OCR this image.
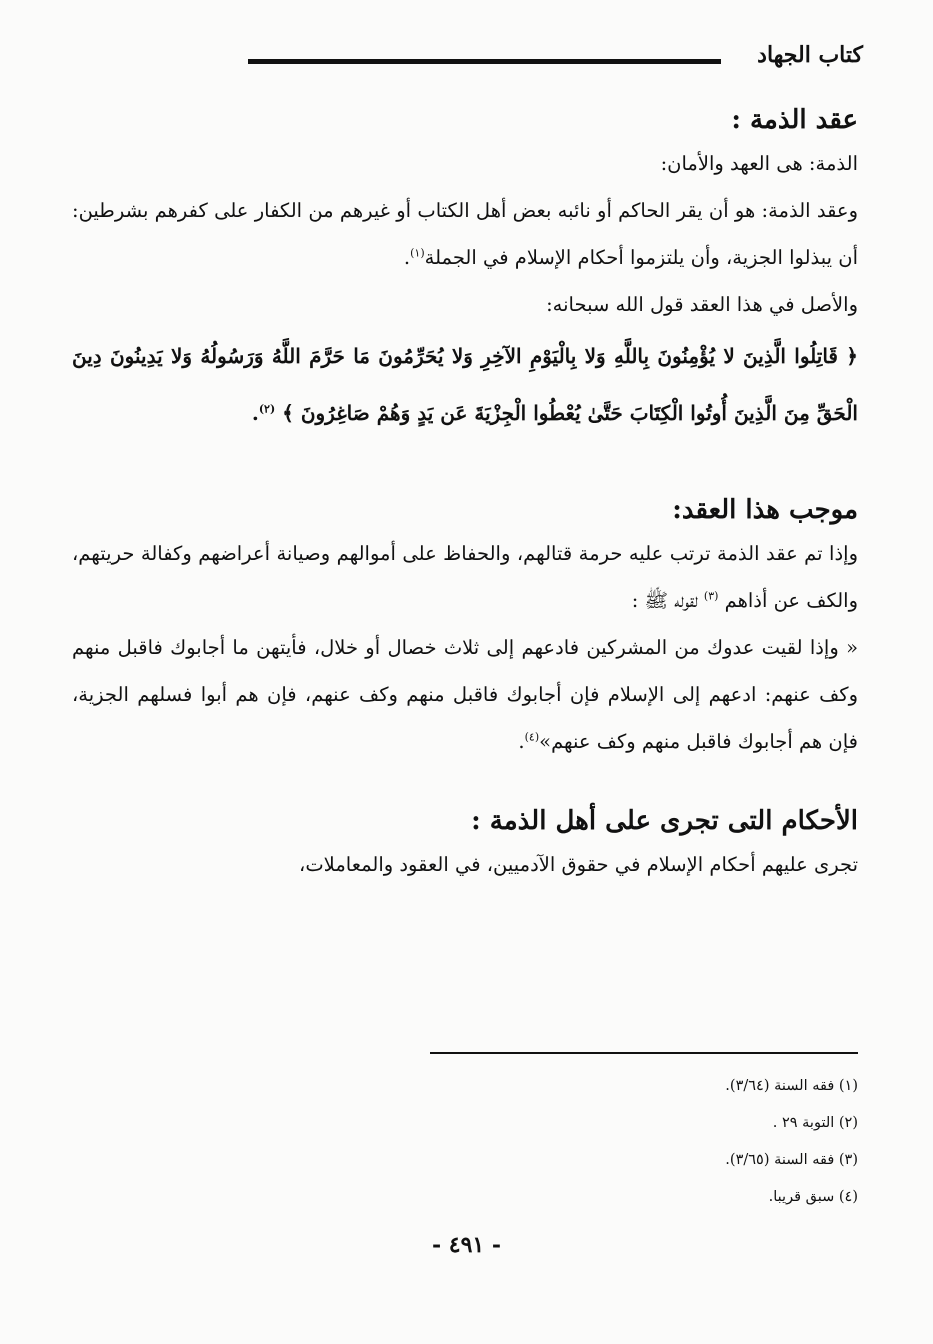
كتاب الجهاد
عقد الذمة :

الذمة: هى العهد والأمان:

وعقد الذمة: هو أن يقر الحاكم أو نائبه بعض أهل الكتاب أو غيرهم من الكفار على كفرهم بشرطين: أن يبذلوا الجزية، وأن يلتزموا أحكام الإسلام في الجملة$^{(١)}$.

والأصل في هذا العقد قول الله سبحانه:

﴿ قَاتِلُوا الَّذِينَ لا يُؤْمِنُونَ بِاللَّهِ وَلا بِالْيَوْمِ الآخِرِ وَلا يُحَرِّمُونَ مَا حَرَّمَ اللَّهُ وَرَسُولُهُ وَلا يَدِينُونَ دِينَ الْحَقِّ مِنَ الَّذِينَ أُوتُوا الْكِتَابَ حَتَّىٰ يُعْطُوا الْجِزْيَةَ عَن يَدٍ وَهُمْ صَاغِرُونَ ﴾ $^{(٢)}$.

موجب هذا العقد:

وإذا تم عقد الذمة ترتب عليه حرمة قتالهم، والحفاظ على أموالهم وصيانة أعراضهم وكفالة حريتهم، والكف عن أذاهم $^{(٣)}$ لقوله ﷺ :

« وإذا لقيت عدوك من المشركين فادعهم إلى ثلاث خصال أو خلال، فأيتهن ما أجابوك فاقبل منهم وكف عنهم: ادعهم إلى الإسلام فإن أجابوك فاقبل منهم وكف عنهم، فإن هم أبوا فسلهم الجزية، فإن هم أجابوك فاقبل منهم وكف عنهم»$^{(٤)}$.

الأحكام التى تجرى على أهل الذمة :

تجرى عليهم أحكام الإسلام في حقوق الآدميين، في العقود والمعاملات،

(١) فقه السنة (٣/٦٤).

(٢) التوبة ٢٩ .

(٣) فقه السنة (٣/٦٥).

(٤) سبق قريبا.

- ٤٩١ -
